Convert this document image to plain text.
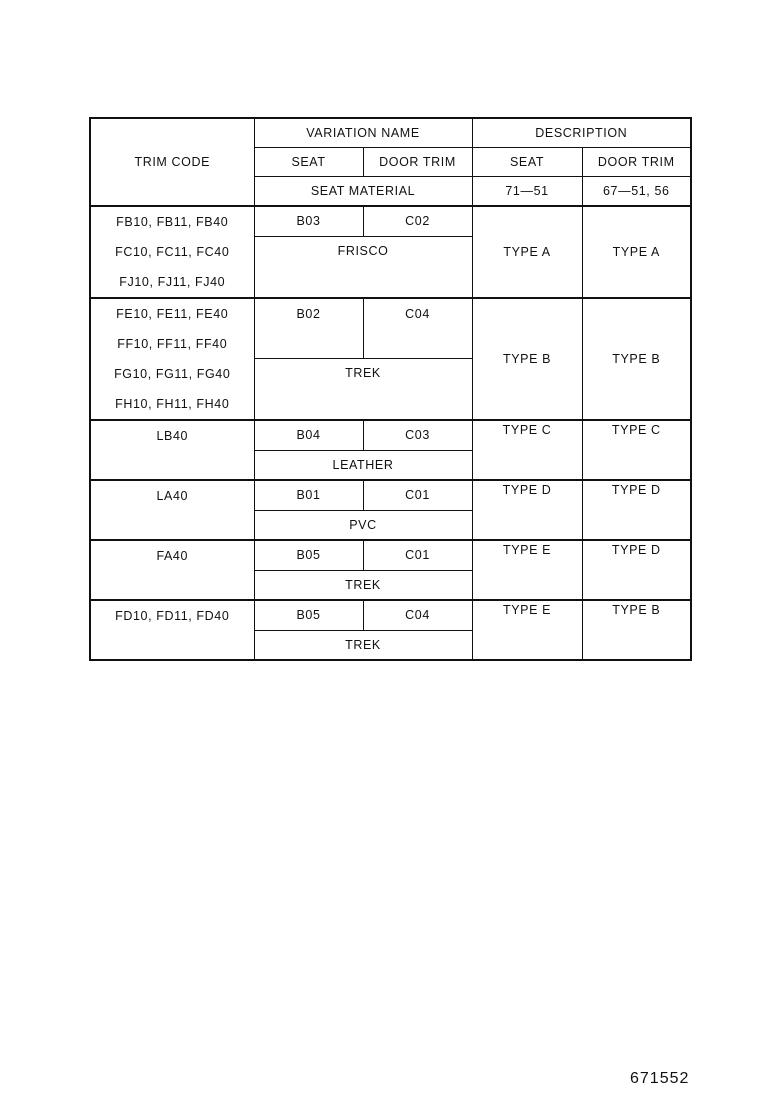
TRIM CODE	VARIATION NAME		DESCRIPTION	
	SEAT	DOOR TRIM	SEAT	DOOR TRIM
	SEAT MATERIAL		71—51	67—51, 56

FB10, FB11, FB40
FC10, FC11, FC40
FJ10, FJ11, FJ40	B03	C02	TYPE A	TYPE A
	FRISCO			

FE10, FE11, FE40
FF10, FF11, FF40
FG10, FG11, FG40
FH10, FH11, FH40	B02	C04	TYPE B	TYPE B

	TREK			

LB40	B04	C03	TYPE C	TYPE C
	LEATHER			

LA40	B01	C01	TYPE D	TYPE D
	PVC			

FA40	B05	C01	TYPE E	TYPE D
	TREK			

FD10, FD11, FD40	B05	C04	TYPE E	TYPE B
	TREK			
671552
